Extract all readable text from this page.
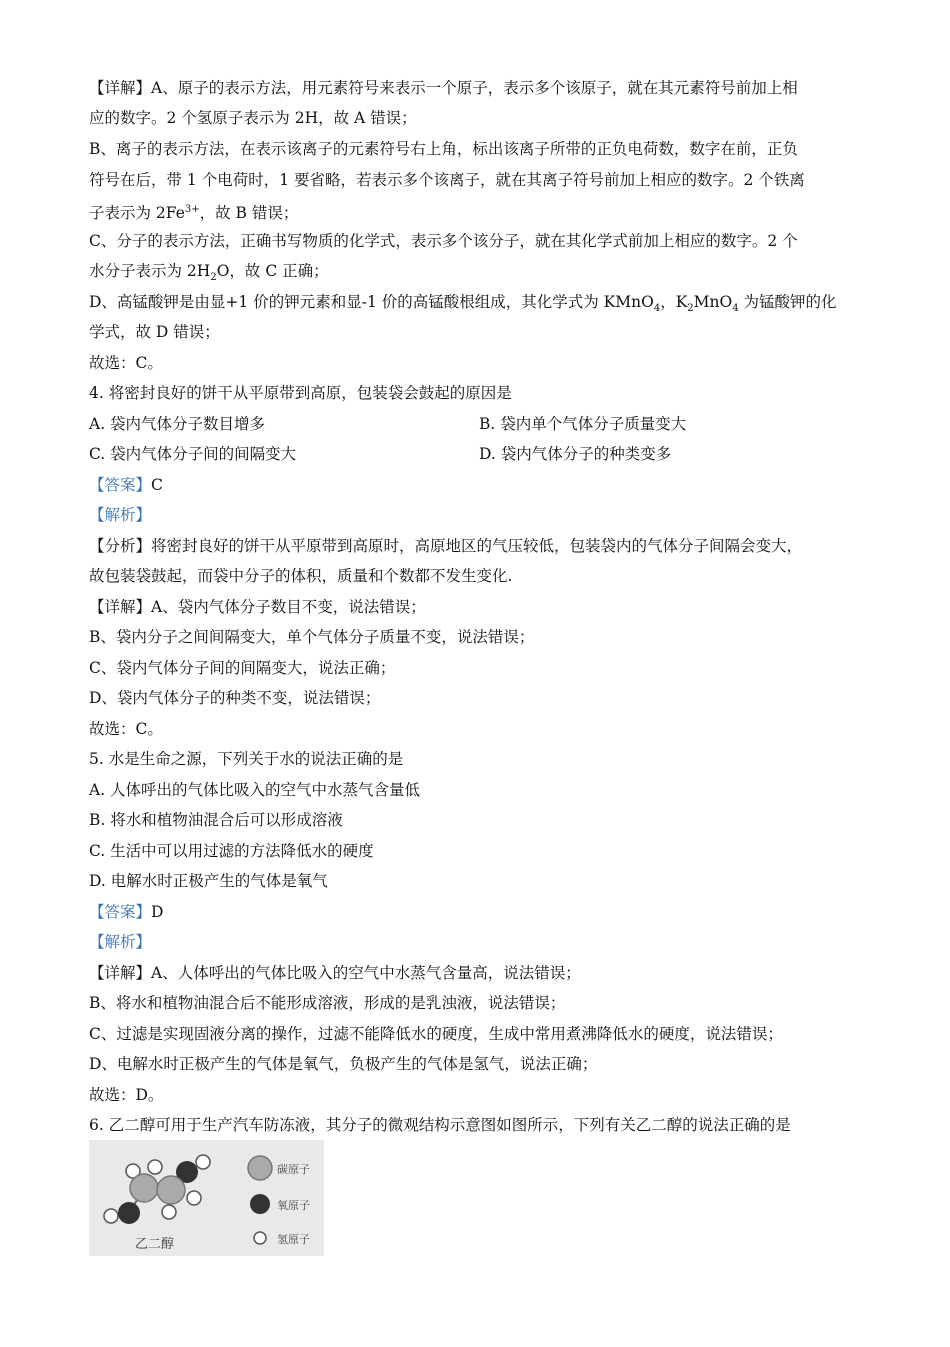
【详解】A、原子的表示方法，用元素符号来表示一个原子，表示多个该原子，就在其元素符号前加上相
应的数字。2 个氢原子表示为 2H，故 A 错误；
B、离子的表示方法，在表示该离子的元素符号右上角，标出该离子所带的正负电荷数，数字在前，正负
符号在后，带 1 个电荷时，1 要省略，若表示多个该离子，就在其离子符号前加上相应的数字。2 个铁离
子表示为 $2Fe^{3+}$，故 B 错误；
C、分子的表示方法，正确书写物质的化学式，表示多个该分子，就在其化学式前加上相应的数字。2 个
水分子表示为 $2H_2O$，故 C 正确；
D、高锰酸钾是由显+1 价的钾元素和显-1 价的高锰酸根组成，其化学式为 KMnO$_4$，$K_2MnO_4$ 为锰酸钾的化
学式，故 D 错误；
故选：C。
4. 将密封良好的饼干从平原带到高原，包装袋会鼓起的原因是
A. 袋内气体分子数目增多	B. 袋内单个气体分子质量变大
C. 袋内气体分子间的间隔变大	D. 袋内气体分子的种类变多
【答案】C
【解析】
【分析】将密封良好的饼干从平原带到高原时，高原地区的气压较低，包装袋内的气体分子间隔会变大，
故包装袋鼓起，而袋中分子的体积，质量和个数都不发生变化.
【详解】A、袋内气体分子数目不变，说法错误；
B、袋内分子之间间隔变大，单个气体分子质量不变，说法错误；
C、袋内气体分子间的间隔变大，说法正确；
D、袋内气体分子的种类不变，说法错误；
故选：C。
5. 水是生命之源，下列关于水的说法正确的是
A. 人体呼出的气体比吸入的空气中水蒸气含量低
B. 将水和植物油混合后可以形成溶液
C. 生活中可以用过滤的方法降低水的硬度
D. 电解水时正极产生的气体是氧气
【答案】D
【解析】
【详解】A、人体呼出的气体比吸入的空气中水蒸气含量高，说法错误；
B、将水和植物油混合后不能形成溶液，形成的是乳浊液，说法错误；
C、过滤是实现固液分离的操作，过滤不能降低水的硬度，生成中常用煮沸降低水的硬度，说法错误；
D、电解水时正极产生的气体是氧气，负极产生的气体是氢气，说法正确；
故选：D。
6. 乙二醇可用于生产汽车防冻液，其分子的微观结构示意图如图所示，下列有关乙二醇的说法正确的是
乙二醇
碳原子
氧原子
氢原子
